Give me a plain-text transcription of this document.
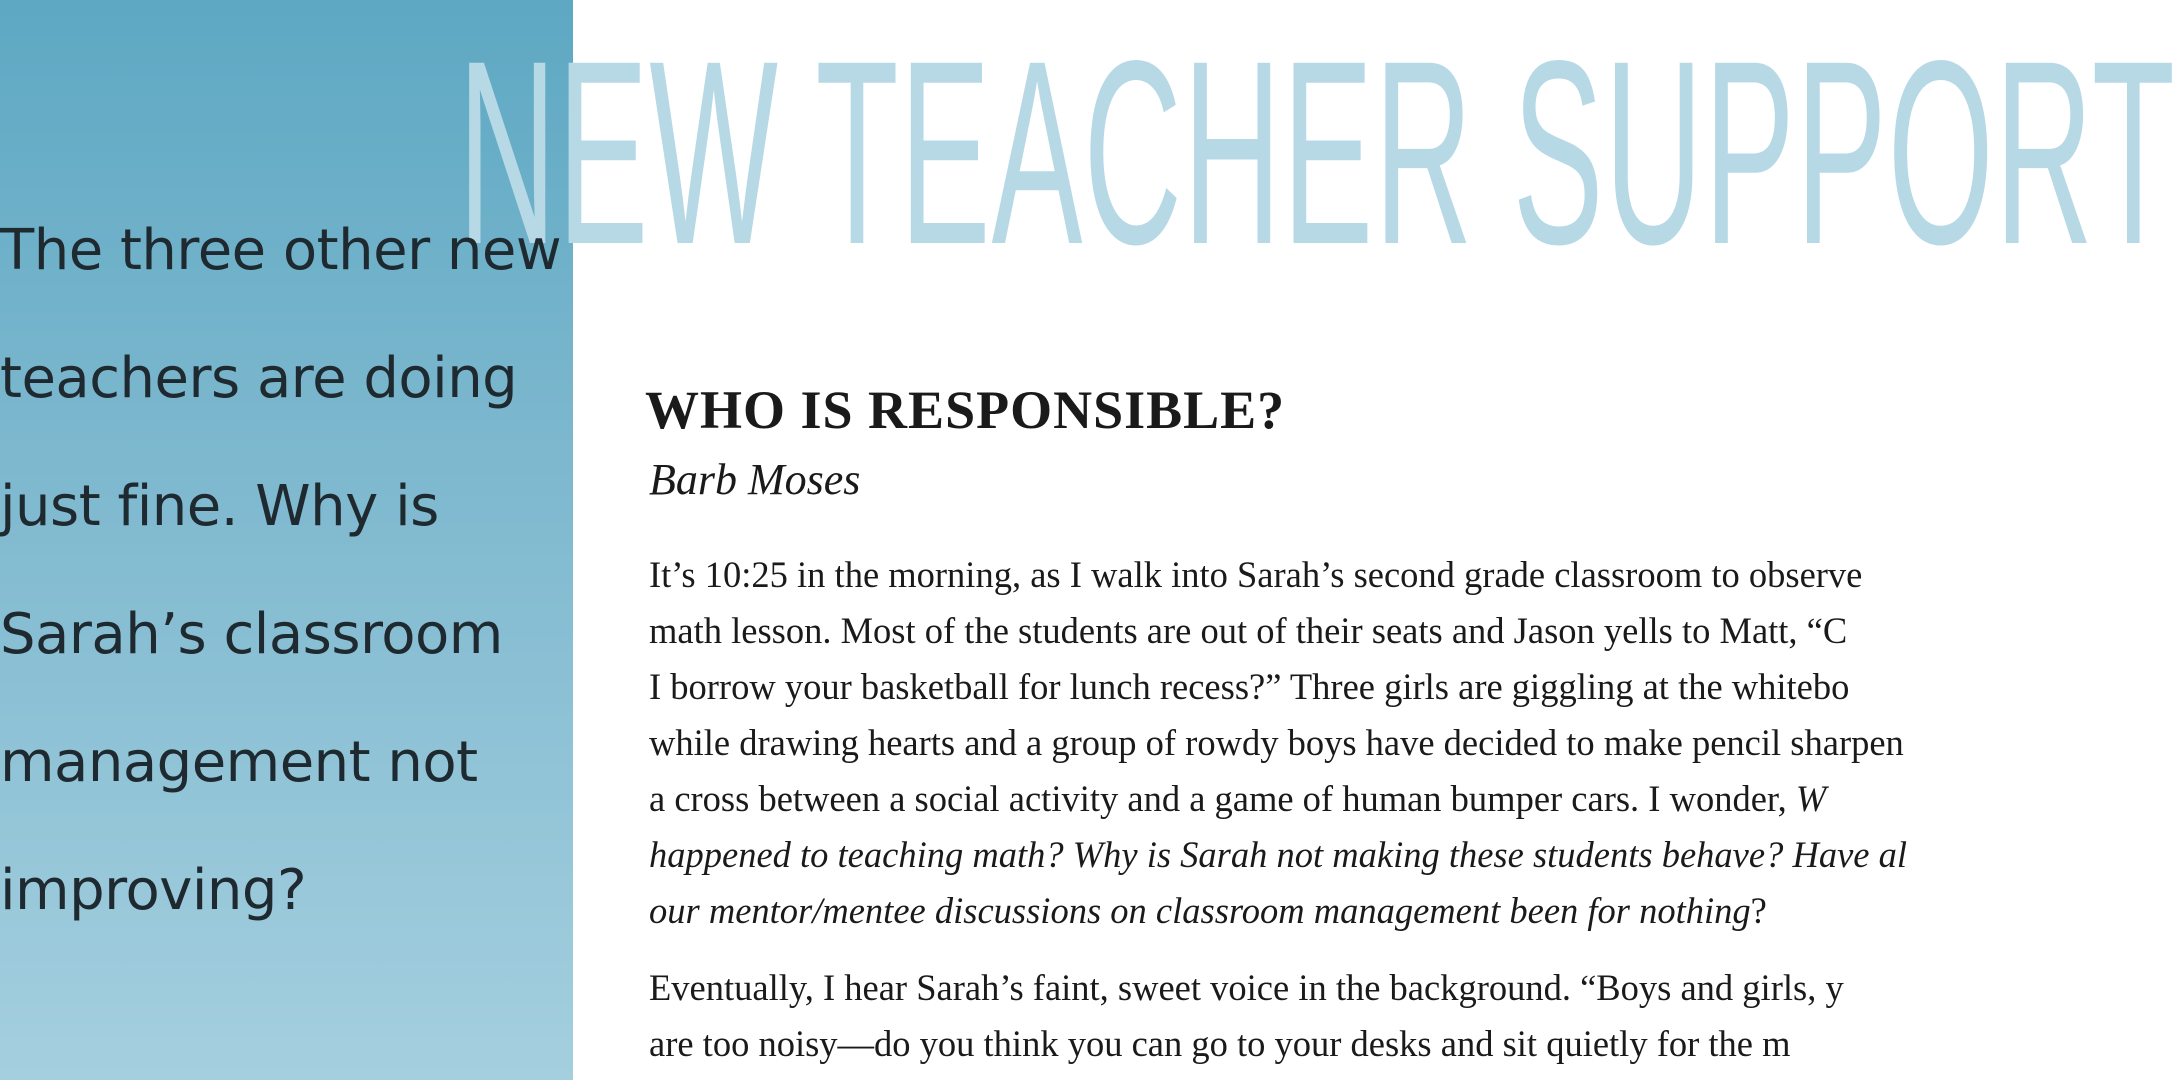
NEW TEACHER SUPPORT

The three other new
teachers are doing
just fine. Why is
Sarah’s classroom
management not
improving?

WHO IS RESPONSIBLE?
Barb Moses
It’s 10:25 in the morning, as I walk into Sarah’s second grade classroom to observe
math lesson. Most of the students are out of their seats and Jason yells to Matt, “C
I borrow your basketball for lunch recess?” Three girls are giggling at the whitebo
while drawing hearts and a group of rowdy boys have decided to make pencil sharpen
a cross between a social activity and a game of human bumper cars. I wonder, W
happened to teaching math? Why is Sarah not making these students behave? Have al
our mentor/mentee discussions on classroom management been for nothing?
Eventually, I hear Sarah’s faint, sweet voice in the background. “Boys and girls, y
are too noisy—do you think you can go to your desks and sit quietly for the m
